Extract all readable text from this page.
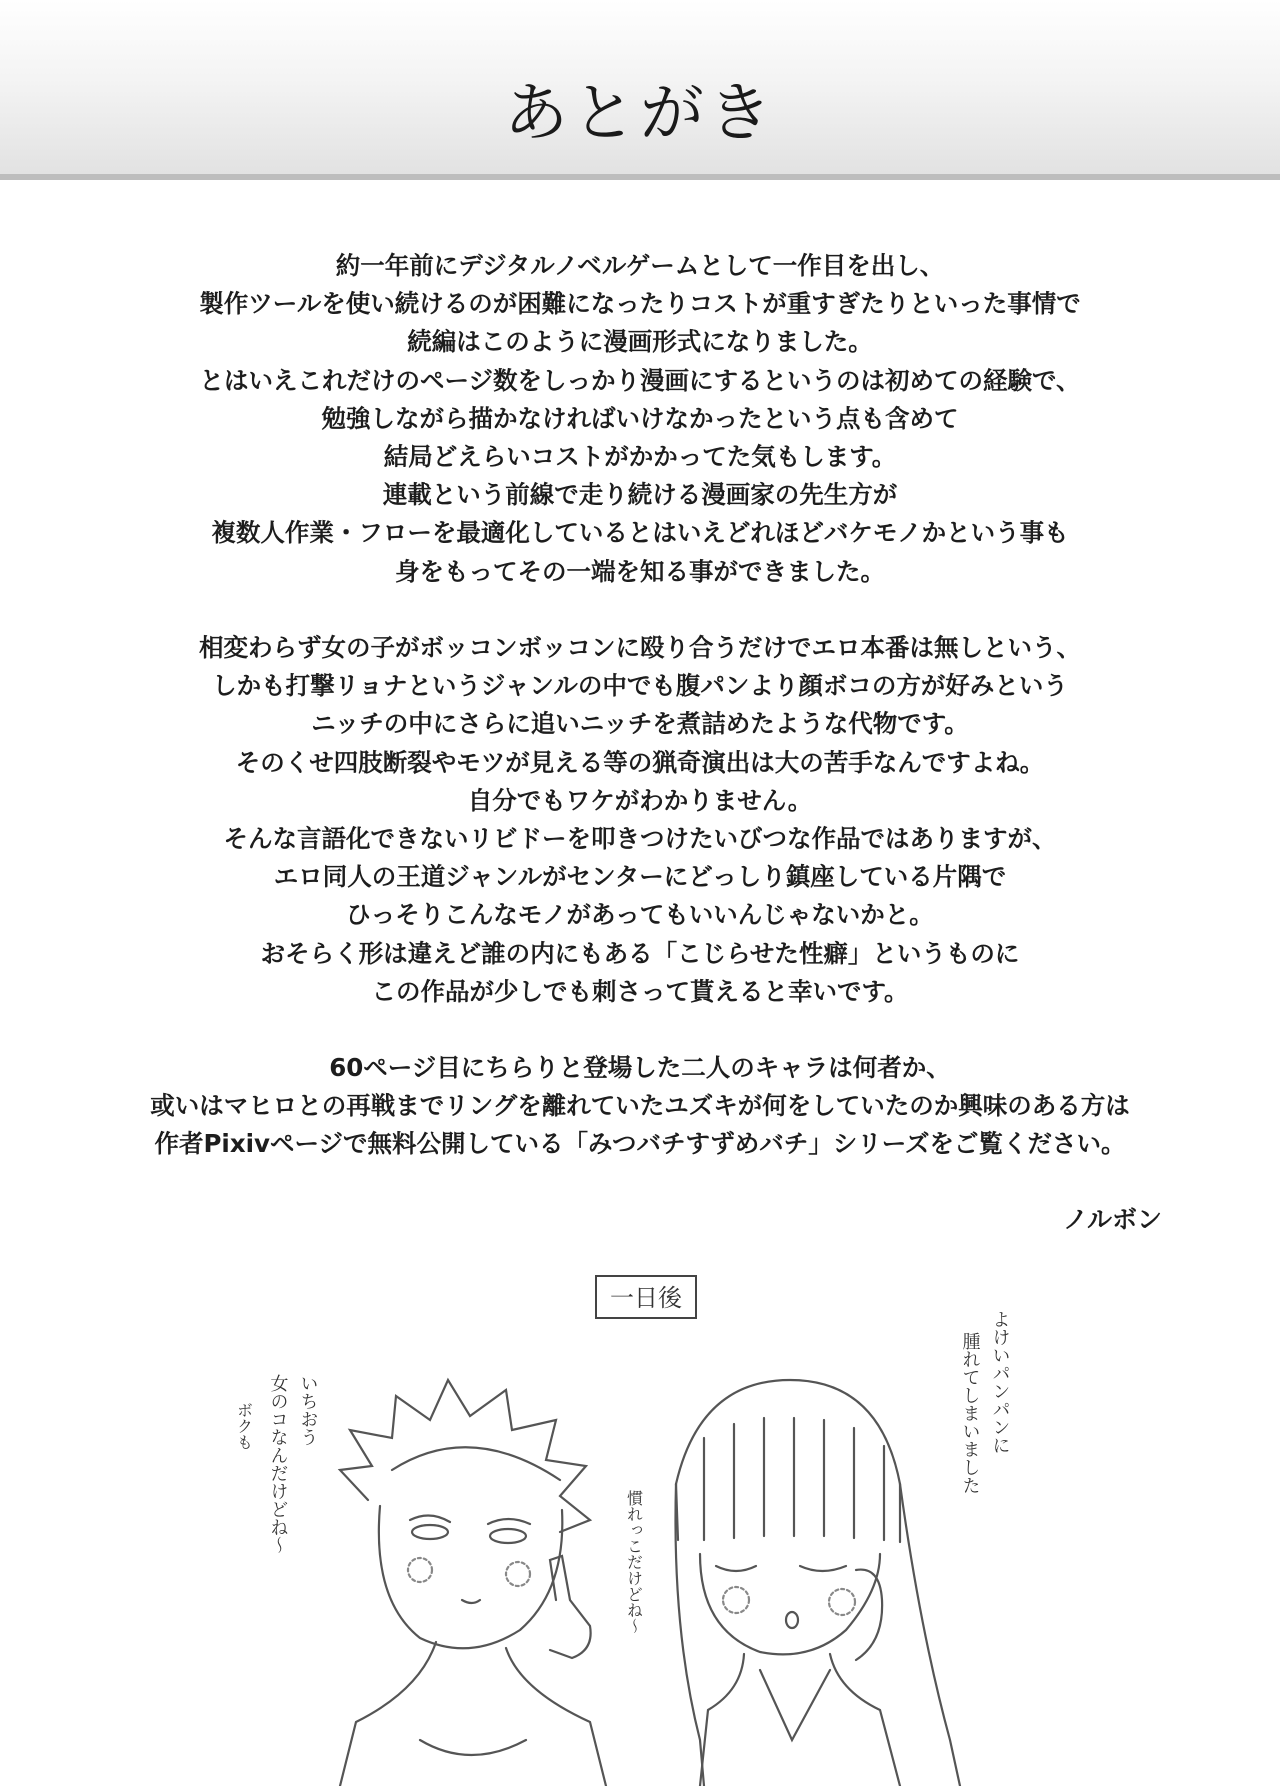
あとがき
約一年前にデジタルノベルゲームとして一作目を出し、
製作ツールを使い続けるのが困難になったりコストが重すぎたりといった事情で
続編はこのように漫画形式になりました。
とはいえこれだけのページ数をしっかり漫画にするというのは初めての経験で、
勉強しながら描かなければいけなかったという点も含めて
結局どえらいコストがかかってた気もします。
連載という前線で走り続ける漫画家の先生方が
複数人作業・フローを最適化しているとはいえどれほどバケモノかという事も
身をもってその一端を知る事ができました。
相変わらず女の子がボッコンボッコンに殴り合うだけでエロ本番は無しという、
しかも打撃リョナというジャンルの中でも腹パンより顔ボコの方が好みという
ニッチの中にさらに追いニッチを煮詰めたような代物です。
そのくせ四肢断裂やモツが見える等の猟奇演出は大の苦手なんですよね。
自分でもワケがわかりません。
そんな言語化できないリビドーを叩きつけたいびつな作品ではありますが、
エロ同人の王道ジャンルがセンターにどっしり鎮座している片隅で
ひっそりこんなモノがあってもいいんじゃないかと。
おそらく形は違えど誰の内にもある「こじらせた性癖」というものに
この作品が少しでも刺さって貰えると幸いです。
60ページ目にちらりと登場した二人のキャラは何者か、
或いはマヒロとの再戦までリングを離れていたユズキが何をしていたのか興味のある方は
作者Pixivページで無料公開している「みつバチすずめバチ」シリーズをご覧ください。
ノルボン
一日後
いちおう
女のコなんだけどね～
ボクも
慣れっこだけどね～
よけいパンパンに
腫れてしまいました
